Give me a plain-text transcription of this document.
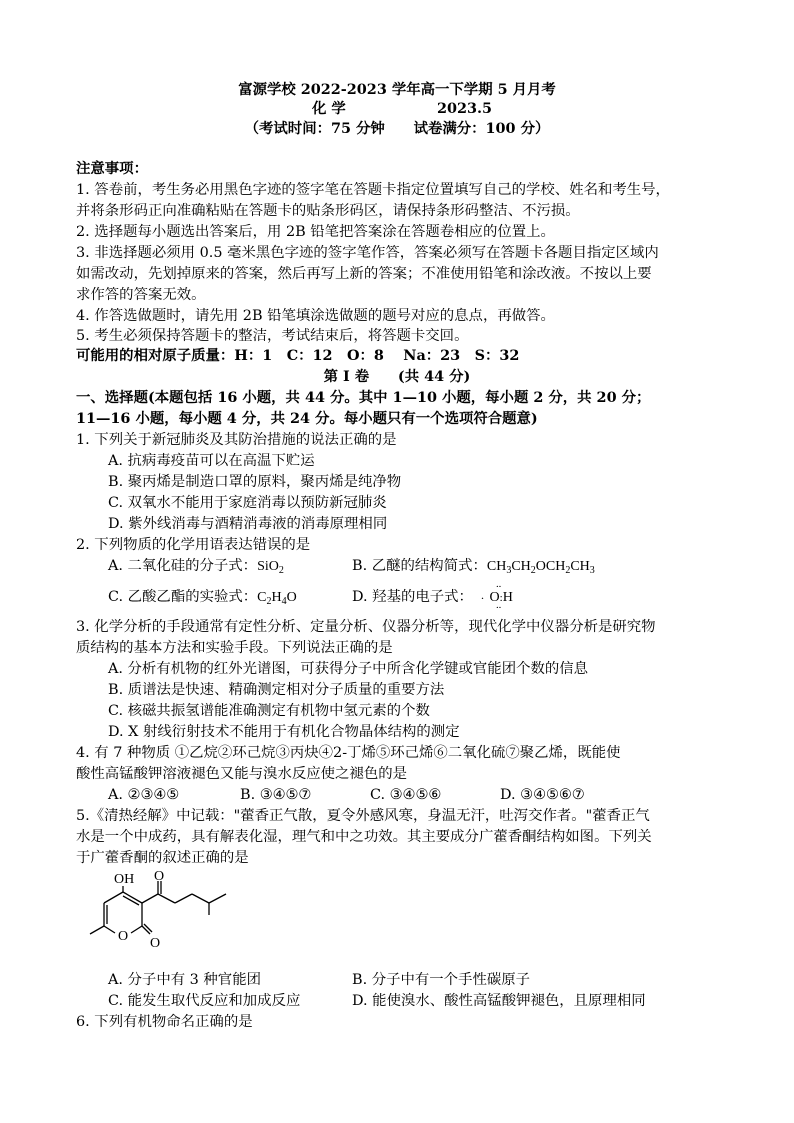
富源学校 2022-2023 学年高一下学期 5 月月考
化 学	2023.5
（考试时间：75 分钟　　试卷满分：100 分）
注意事项：
1. 答卷前，考生务必用黑色字迹的签字笔在答题卡指定位置填写自己的学校、姓名和考生号，
并将条形码正向准确粘贴在答题卡的贴条形码区，请保持条形码整洁、不污损。
2. 选择题每小题选出答案后，用 2B 铅笔把答案涂在答题卷相应的位置上。
3. 非选择题必须用 0.5 毫米黑色字迹的签字笔作答，答案必须写在答题卡各题目指定区域内
如需改动，先划掉原来的答案，然后再写上新的答案；不准使用铅笔和涂改液。不按以上要
求作答的答案无效。
4. 作答选做题时，请先用 2B 铅笔填涂选做题的题号对应的息点，再做答。
5. 考生必须保持答题卡的整洁，考试结束后，将答题卡交回。
可能用的相对原子质量：H：1　C：12　O：8　 Na：23　S：32
第 I 卷　　(共 44 分)
一、选择题(本题包括 16 小题，共 44 分。其中 1—10 小题，每小题 2 分，共 20 分；
11—16 小题，每小题 4 分，共 24 分。每小题只有一个选项符合题意)
1. 下列关于新冠肺炎及其防治措施的说法正确的是
A. 抗病毒疫苗可以在高温下贮运
B. 聚丙烯是制造口罩的原料，聚丙烯是纯净物
C. 双氧水不能用于家庭消毒以预防新冠肺炎
D. 紫外线消毒与酒精消毒液的消毒原理相同
2. 下列物质的化学用语表达错误的是
A. 二氧化硅的分子式：SiO$_2$	B. 乙醚的结构简式：$CH_3CH_2OCH_2CH_3$
C. 乙酸乙酯的实验式：$C_2H_4O$	D. 羟基的电子式： ·
··
··
O:H
3. 化学分析的手段通常有定性分析、定量分析、仪器分析等，现代化学中仪器分析是研究物
质结构的基本方法和实验手段。下列说法正确的是
A. 分析有机物的红外光谱图，可获得分子中所含化学键或官能团个数的信息
B. 质谱法是快速、精确测定相对分子质量的重要方法
C. 核磁共振氢谱能准确测定有机物中氢元素的个数
D. X 射线衍射技术不能用于有机化合物晶体结构的测定
4. 有 7 种物质 ①乙烷②环己烷③丙炔④2-丁烯⑤环己烯⑥二氧化硫⑦聚乙烯，既能使
酸性高锰酸钾溶液褪色又能与溴水反应使之褪色的是
A. ②③④⑤	B. ③④⑤⑦	C. ③④⑤⑥	D. ③④⑤⑥⑦
5.《清热经解》中记载："藿香正气散，夏令外感风寒，身温无汗，吐泻交作者。"藿香正气
水是一个中成药，具有解表化湿，理气和中之功效。其主要成分广藿香酮结构如图。下列关
于广藿香酮的叙述正确的是
OH O
O O
A. 分子中有 3 种官能团	B. 分子中有一个手性碳原子
C. 能发生取代反应和加成反应	D. 能使溴水、酸性高锰酸钾褪色，且原理相同
6. 下列有机物命名正确的是
